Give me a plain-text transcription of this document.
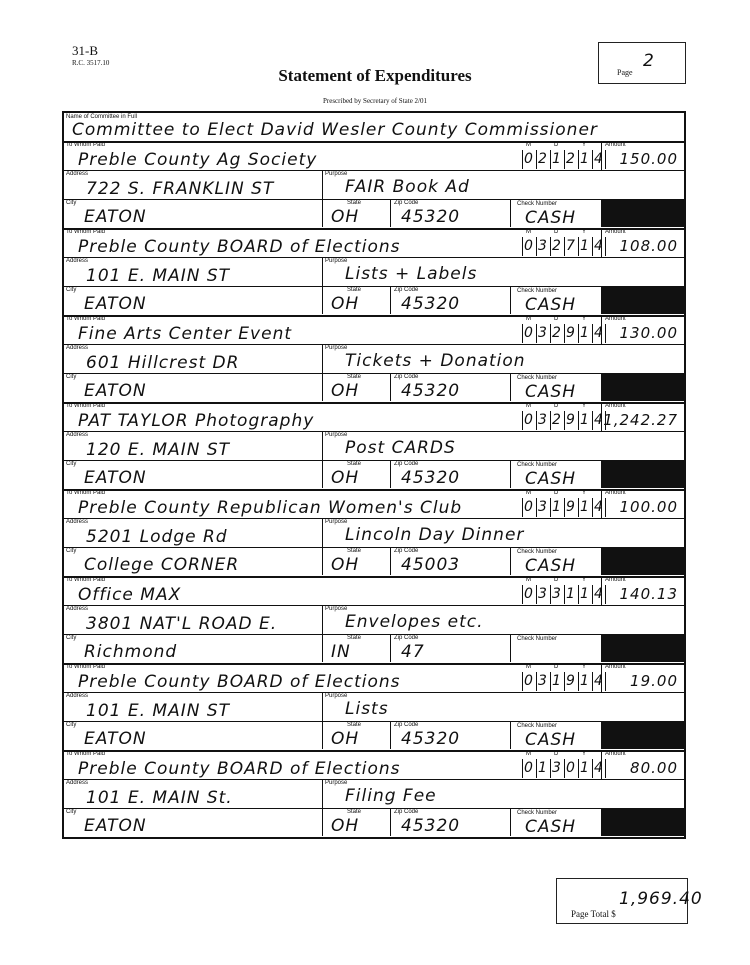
31-B
R.C. 3517.10
Statement of Expenditures
Prescribed by Secretary of State 2/01
Page
2
Name of Committee in Full
Committee to Elect David Wesler County Commissioner
To Whom Paid
Preble County Ag Society
M	D	Y
0 2 1 2 1 4
Amount
150.00
Address
722 S. FRANKLIN ST
Purpose
FAIR Book Ad
City
EATON
State
OH
Zip Code
45320
Check Number
CASH
To Whom Paid
Preble County BOARD of Elections
M	D	Y
0 3 2 7 1 4
Amount
108.00
Address
101 E. MAIN ST
Purpose
Lists + Labels
City
EATON
State
OH
Zip Code
45320
Check Number
CASH
To Whom Paid
Fine Arts Center Event
M	D	Y
0 3 2 9 1 4
Amount
130.00
Address
601 Hillcrest DR
Purpose
Tickets + Donation
City
EATON
State
OH
Zip Code
45320
Check Number
CASH
To Whom Paid
PAT TAYLOR Photography
M	D	Y
0 3 2 9 1 4
Amount
1,242.27
Address
120 E. MAIN ST
Purpose
Post CARDS
City
EATON
State
OH
Zip Code
45320
Check Number
CASH
To Whom Paid
Preble County Republican Women's Club
M	D	Y
0 3 1 9 1 4
Amount
100.00
Address
5201 Lodge Rd
Purpose
Lincoln Day Dinner
City
College CORNER
State
OH
Zip Code
45003
Check Number
CASH
To Whom Paid
Office MAX
M	D	Y
0 3 3 1 1 4
Amount
140.13
Address
3801 NAT'L ROAD E.
Purpose
Envelopes etc.
City
Richmond
State
IN
Zip Code
47
Check Number
To Whom Paid
Preble County BOARD of Elections
M	D	Y
0 3 1 9 1 4
Amount
19.00
Address
101 E. MAIN ST
Purpose
Lists
City
EATON
State
OH
Zip Code
45320
Check Number
CASH
To Whom Paid
Preble County BOARD of Elections
M	D	Y
0 1 3 0 1 4
Amount
80.00
Address
101 E. MAIN St.
Purpose
Filing Fee
City
EATON
State
OH
Zip Code
45320
Check Number
CASH
Page Total $
1,969.40
